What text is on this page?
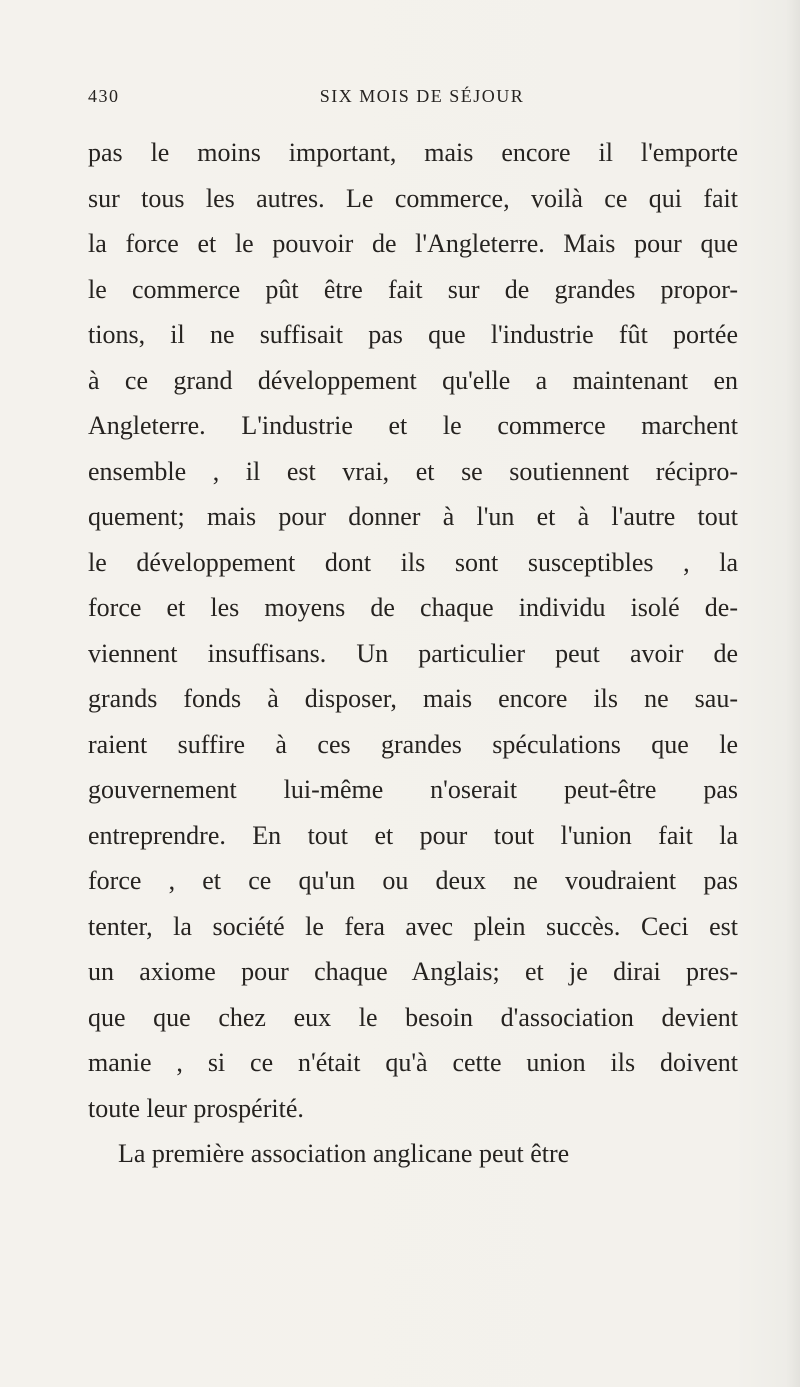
430	SIX MOIS DE SÉJOUR
pas le moins important, mais encore il l'emporte
sur tous les autres. Le commerce, voilà ce qui fait
la force et le pouvoir de l'Angleterre. Mais pour que
le commerce pût être fait sur de grandes propor-
tions, il ne suffisait pas que l'industrie fût portée
à ce grand développement qu'elle a maintenant en
Angleterre. L'industrie et le commerce marchent
ensemble , il est vrai, et se soutiennent récipro-
quement; mais pour donner à l'un et à l'autre tout
le développement dont ils sont susceptibles , la
force et les moyens de chaque individu isolé de-
viennent insuffisans. Un particulier peut avoir de
grands fonds à disposer, mais encore ils ne sau-
raient suffire à ces grandes spéculations que le
gouvernement lui-même n'oserait peut-être pas
entreprendre. En tout et pour tout l'union fait la
force , et ce qu'un ou deux ne voudraient pas
tenter, la société le fera avec plein succès. Ceci est
un axiome pour chaque Anglais; et je dirai pres-
que que chez eux le besoin d'association devient
manie , si ce n'était qu'à cette union ils doivent
toute leur prospérité.
La première association anglicane peut être
